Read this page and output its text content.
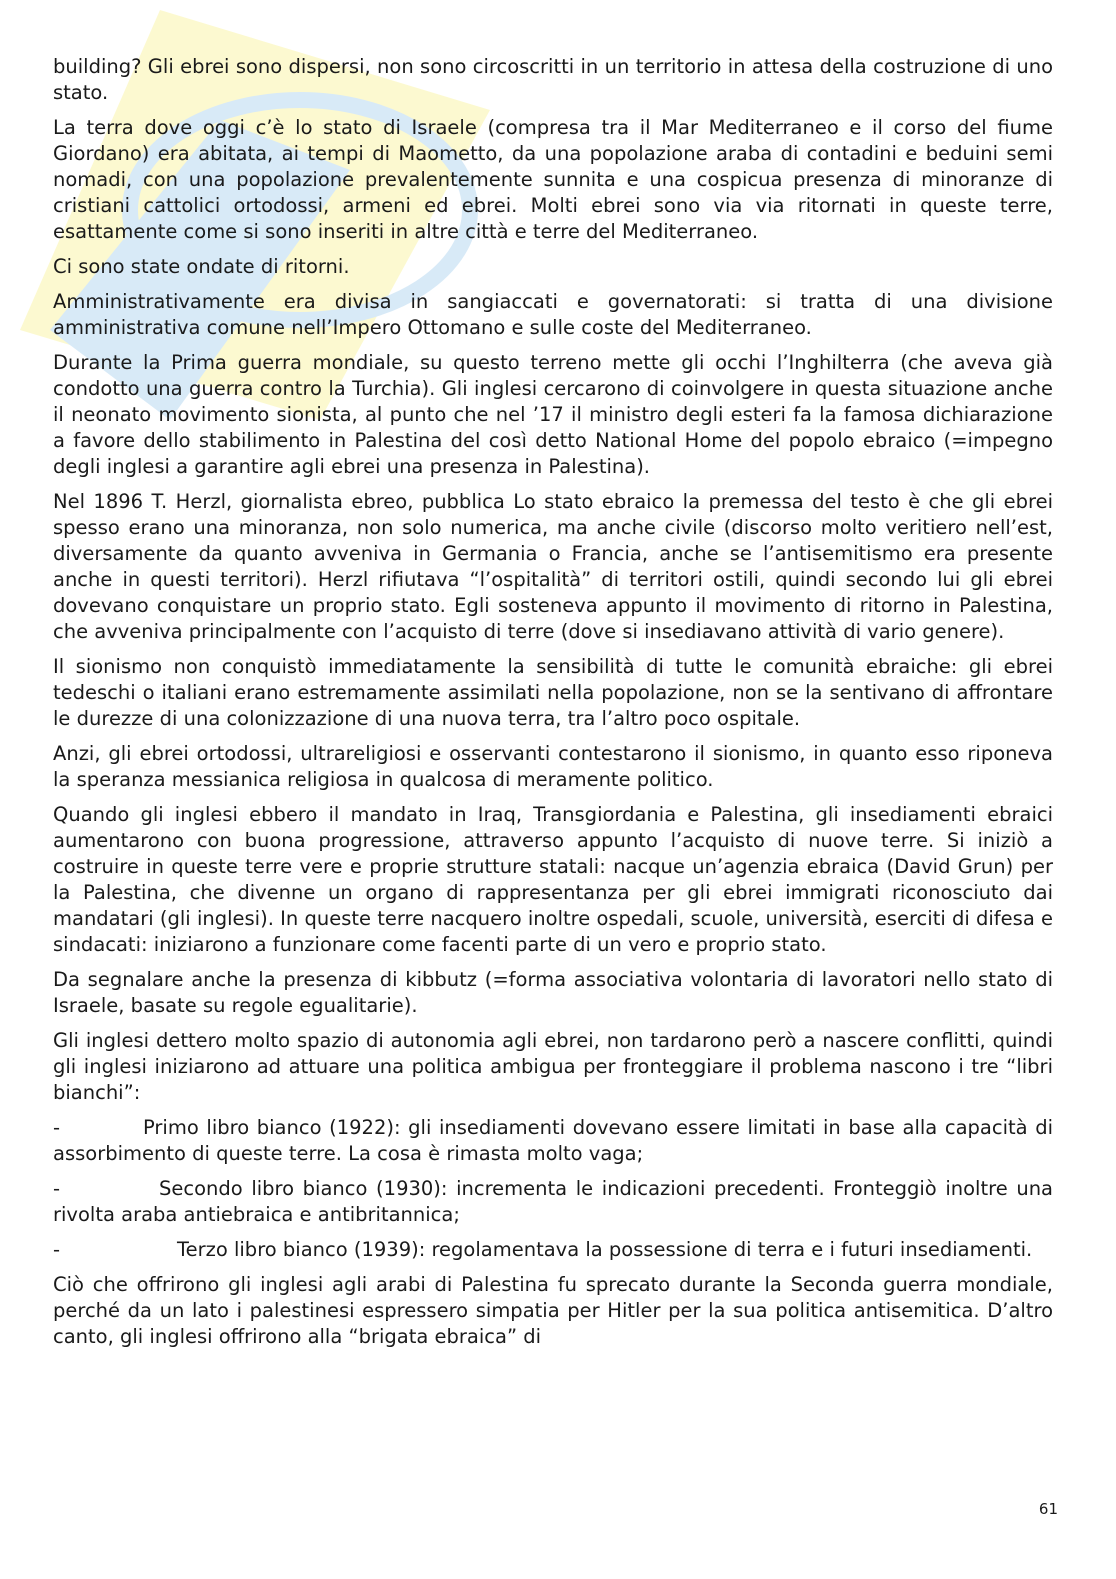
building? Gli ebrei sono dispersi, non sono circoscritti in un territorio in attesa della costruzione di uno stato.

La terra dove oggi c’è lo stato di Israele (compresa tra il Mar Mediterraneo e il corso del fiume Giordano) era abitata, ai tempi di Maometto, da una popolazione araba di contadini e beduini semi nomadi, con una popolazione prevalentemente sunnita e una cospicua presenza di minoranze di cristiani cattolici ortodossi, armeni ed ebrei. Molti ebrei sono via via ritornati in queste terre, esattamente come si sono inseriti in altre città e terre del Mediterraneo.

Ci sono state ondate di ritorni.

Amministrativamente era divisa in sangiaccati e governatorati: si tratta di una divisione amministrativa comune nell’Impero Ottomano e sulle coste del Mediterraneo.

Durante la Prima guerra mondiale, su questo terreno mette gli occhi l’Inghilterra (che aveva già condotto una guerra contro la Turchia). Gli inglesi cercarono di coinvolgere in questa situazione anche il neonato movimento sionista, al punto che nel ’17 il ministro degli esteri fa la famosa dichiarazione a favore dello stabilimento in Palestina del così detto National Home del popolo ebraico (=impegno degli inglesi a garantire agli ebrei una presenza in Palestina).

Nel 1896 T. Herzl, giornalista ebreo, pubblica Lo stato ebraico la premessa del testo è che gli ebrei spesso erano una minoranza, non solo numerica, ma anche civile (discorso molto veritiero nell’est, diversamente da quanto avveniva in Germania o Francia, anche se l’antisemitismo era presente anche in questi territori). Herzl rifiutava “l’ospitalità” di territori ostili, quindi secondo lui gli ebrei dovevano conquistare un proprio stato. Egli sosteneva appunto il movimento di ritorno in Palestina, che avveniva principalmente con l’acquisto di terre (dove si insediavano attività di vario genere).

Il sionismo non conquistò immediatamente la sensibilità di tutte le comunità ebraiche: gli ebrei tedeschi o italiani erano estremamente assimilati nella popolazione, non se la sentivano di affrontare le durezze di una colonizzazione di una nuova terra, tra l’altro poco ospitale.

Anzi, gli ebrei ortodossi, ultrareligiosi e osservanti contestarono il sionismo, in quanto esso riponeva la speranza messianica religiosa in qualcosa di meramente politico.

Quando gli inglesi ebbero il mandato in Iraq, Transgiordania e Palestina, gli insediamenti ebraici aumentarono con buona progressione, attraverso appunto l’acquisto di nuove terre. Si iniziò a costruire in queste terre vere e proprie strutture statali: nacque un’agenzia ebraica (David Grun) per la Palestina, che divenne un organo di rappresentanza per gli ebrei immigrati riconosciuto dai mandatari (gli inglesi). In queste terre nacquero inoltre ospedali, scuole, università, eserciti di difesa e sindacati: iniziarono a funzionare come facenti parte di un vero e proprio stato.

Da segnalare anche la presenza di kibbutz (=forma associativa volontaria di lavoratori nello stato di Israele, basate su regole egualitarie).

Gli inglesi dettero molto spazio di autonomia agli ebrei, non tardarono però a nascere conflitti, quindi gli inglesi iniziarono ad attuare una politica ambigua per fronteggiare il problema nascono i tre “libri bianchi”:

-	Primo libro bianco (1922): gli insediamenti dovevano essere limitati in base alla capacità di assorbimento di queste terre. La cosa è rimasta molto vaga;

-	Secondo libro bianco (1930): incrementa le indicazioni precedenti. Fronteggiò inoltre una rivolta araba antiebraica e antibritannica;

-	Terzo libro bianco (1939): regolamentava la possessione di terra e i futuri insediamenti.

Ciò che offrirono gli inglesi agli arabi di Palestina fu sprecato durante la Seconda guerra mondiale, perché da un lato i palestinesi espressero simpatia per Hitler per la sua politica antisemitica. D’altro canto, gli inglesi offrirono alla “brigata ebraica” di

61
